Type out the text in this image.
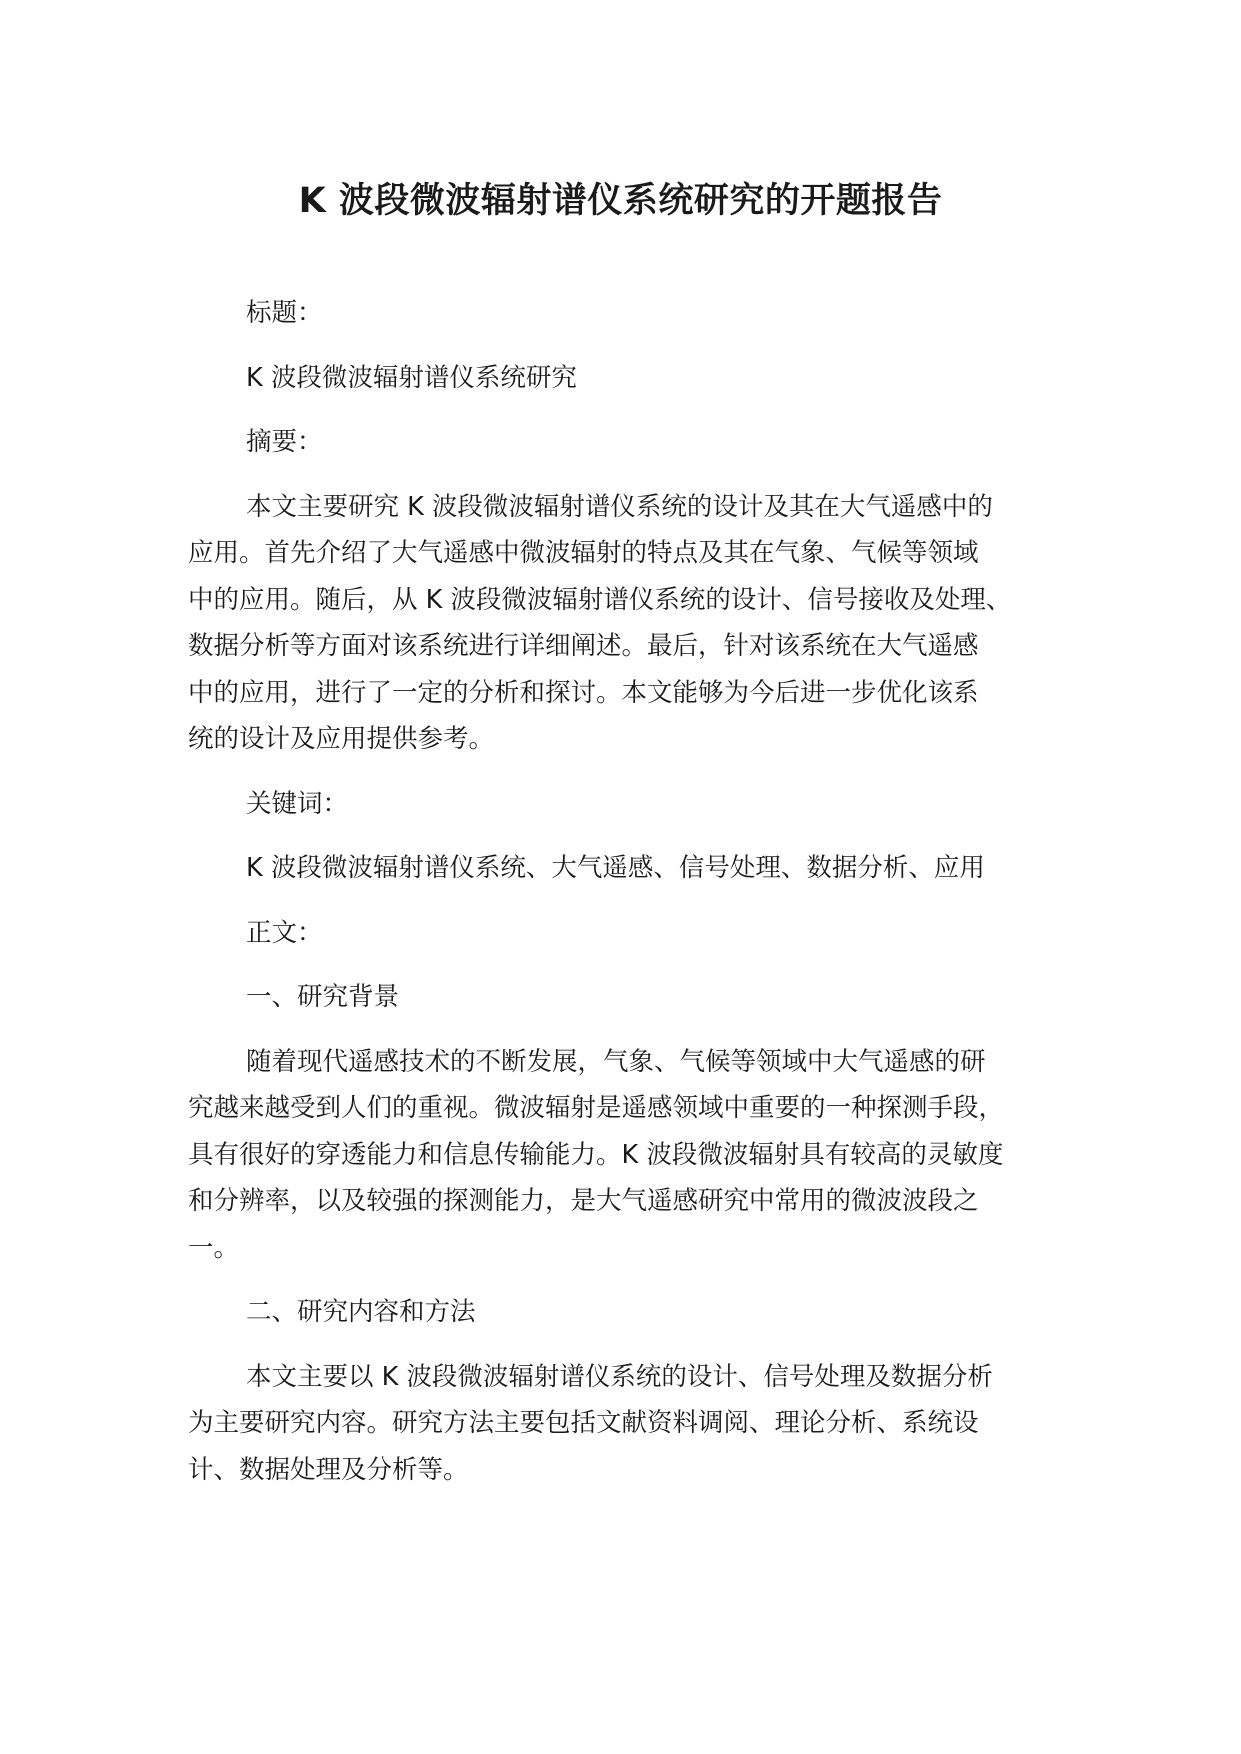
K 波段微波辐射谱仪系统研究的开题报告

标题：

K 波段微波辐射谱仪系统研究

摘要：

本文主要研究 K 波段微波辐射谱仪系统的设计及其在大气遥感中的
应用。首先介绍了大气遥感中微波辐射的特点及其在气象、气候等领域
中的应用。随后，从 K 波段微波辐射谱仪系统的设计、信号接收及处理、
数据分析等方面对该系统进行详细阐述。最后，针对该系统在大气遥感
中的应用，进行了一定的分析和探讨。本文能够为今后进一步优化该系
统的设计及应用提供参考。

关键词：

K 波段微波辐射谱仪系统、大气遥感、信号处理、数据分析、应用

正文：

一、研究背景

随着现代遥感技术的不断发展，气象、气候等领域中大气遥感的研
究越来越受到人们的重视。微波辐射是遥感领域中重要的一种探测手段，
具有很好的穿透能力和信息传输能力。K 波段微波辐射具有较高的灵敏度
和分辨率，以及较强的探测能力，是大气遥感研究中常用的微波波段之
一。

二、研究内容和方法

本文主要以 K 波段微波辐射谱仪系统的设计、信号处理及数据分析
为主要研究内容。研究方法主要包括文献资料调阅、理论分析、系统设
计、数据处理及分析等。
